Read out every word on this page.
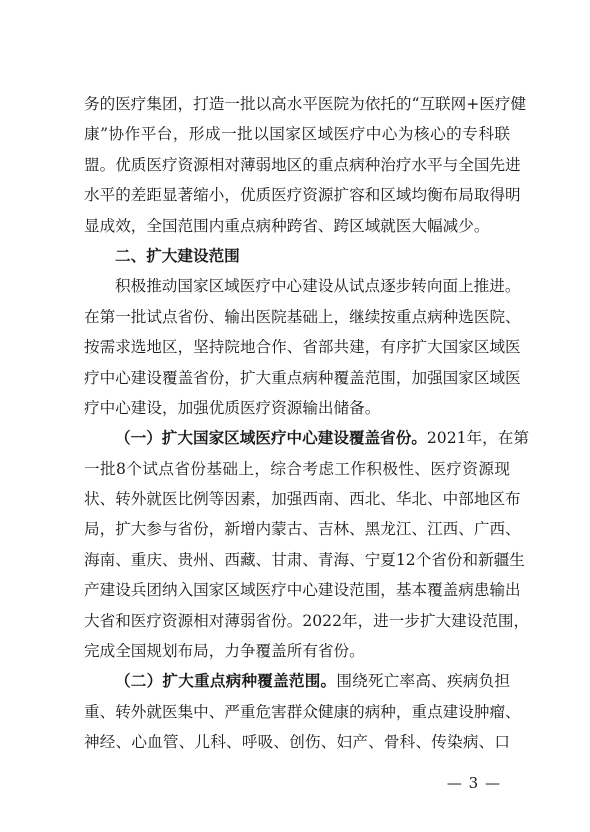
务的医疗集团，打造一批以高水平医院为依托的“互联网+医疗健
康”协作平台，形成一批以国家区域医疗中心为核心的专科联
盟。优质医疗资源相对薄弱地区的重点病种治疗水平与全国先进
水平的差距显著缩小，优质医疗资源扩容和区域均衡布局取得明
显成效，全国范围内重点病种跨省、跨区域就医大幅减少。
二、扩大建设范围
积极推动国家区域医疗中心建设从试点逐步转向面上推进。
在第一批试点省份、输出医院基础上，继续按重点病种选医院、
按需求选地区，坚持院地合作、省部共建，有序扩大国家区域医
疗中心建设覆盖省份，扩大重点病种覆盖范围，加强国家区域医
疗中心建设，加强优质医疗资源输出储备。
（一）扩大国家区域医疗中心建设覆盖省份。2021年，在第
一批8个试点省份基础上，综合考虑工作积极性、医疗资源现
状、转外就医比例等因素，加强西南、西北、华北、中部地区布
局，扩大参与省份，新增内蒙古、吉林、黑龙江、江西、广西、
海南、重庆、贵州、西藏、甘肃、青海、宁夏12个省份和新疆生
产建设兵团纳入国家区域医疗中心建设范围，基本覆盖病患输出
大省和医疗资源相对薄弱省份。2022年，进一步扩大建设范围，
完成全国规划布局，力争覆盖所有省份。
（二）扩大重点病种覆盖范围。围绕死亡率高、疾病负担
重、转外就医集中、严重危害群众健康的病种，重点建设肿瘤、
神经、心血管、儿科、呼吸、创伤、妇产、骨科、传染病、口
— 3 —
